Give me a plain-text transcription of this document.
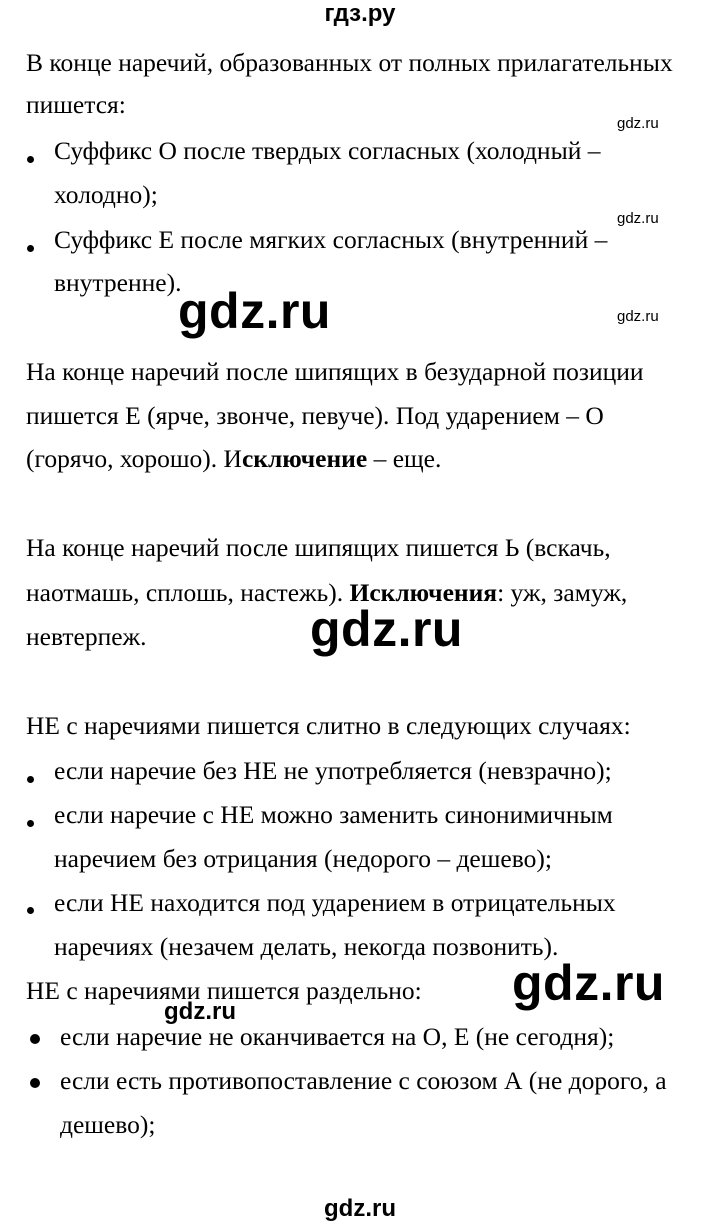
гдз.ру
В конце наречий, образованных от полных прилагательных
пишется:
Суффикс О после твердых согласных (холодный –
холодно);
Суффикс Е после мягких согласных (внутренний –
внутренне).
На конце наречий после шипящих в безударной позиции
пишется Е (ярче, звонче, певуче). Под ударением – О
(горячо, хорошо). Исключение – еще.
На конце наречий после шипящих пишется Ь (вскачь,
наотмашь, сплошь, настежь). Исключения: уж, замуж,
невтерпеж.
НЕ с наречиями пишется слитно в следующих случаях:
если наречие без НЕ не употребляется (невзрачно);
если наречие с НЕ можно заменить синонимичным
наречием без отрицания (недорого – дешево);
если НЕ находится под ударением в отрицательных
наречиях (незачем делать, некогда позвонить).
НЕ с наречиями пишется раздельно:
если наречие не оканчивается на О, Е (не сегодня);
если есть противопоставление с союзом А (не дорого, а
дешево);
gdz.ru
gdz.ru
gdz.ru
gdz.ru
gdz.ru
gdz.ru
gdz.ru
gdz.ru
